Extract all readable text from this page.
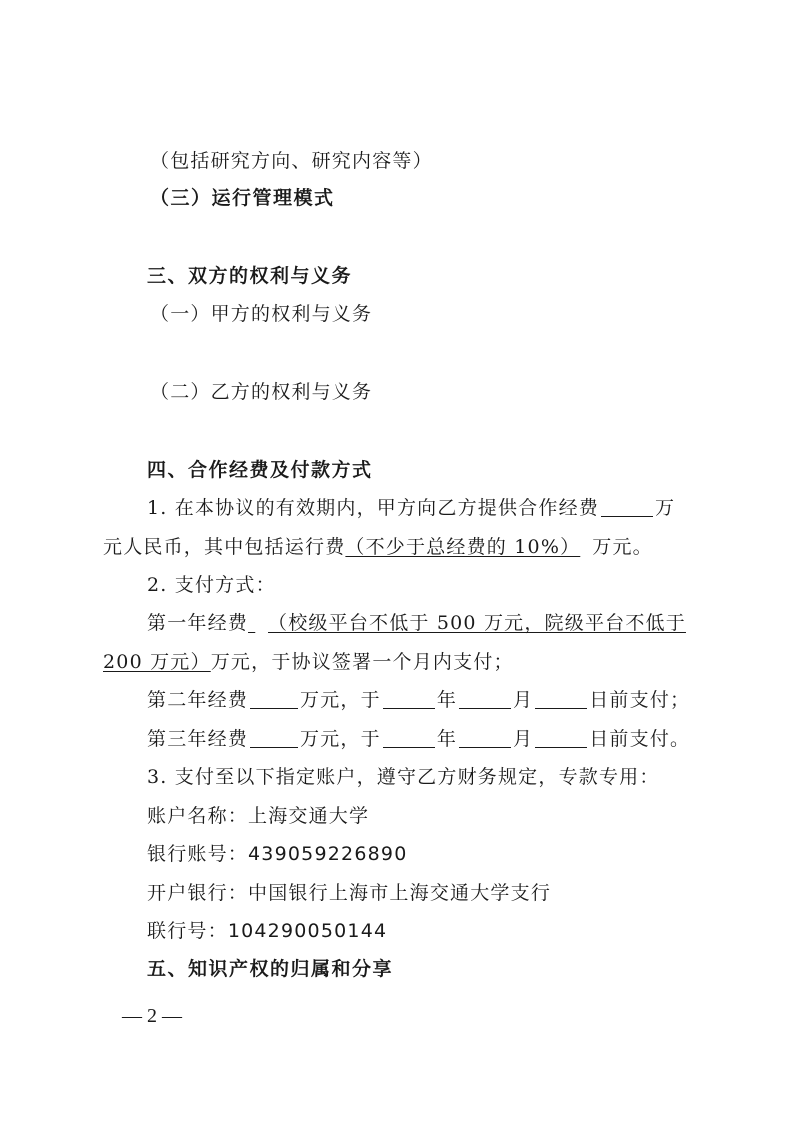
（包括研究方向、研究内容等）
（三）运行管理模式
三、双方的权利与义务
（一）甲方的权利与义务
（二）乙方的权利与义务
四、合作经费及付款方式
1. 在本协议的有效期内，甲方向乙方提供合作经费	万
元人民币，其中包括运行费（不少于总经费的 10%） 万元。
2. 支付方式：
第一年经费 （校级平台不低于 500 万元，院级平台不低于
200 万元）万元，于协议签署一个月内支付；
第二年经费	万元，于	年	月	日前支付；
第三年经费	万元，于	年	月	日前支付。
3. 支付至以下指定账户，遵守乙方财务规定，专款专用：
账户名称：上海交通大学
银行账号：439059226890
开户银行：中国银行上海市上海交通大学支行
联行号：104290050144
五、知识产权的归属和分享
— 2 —
